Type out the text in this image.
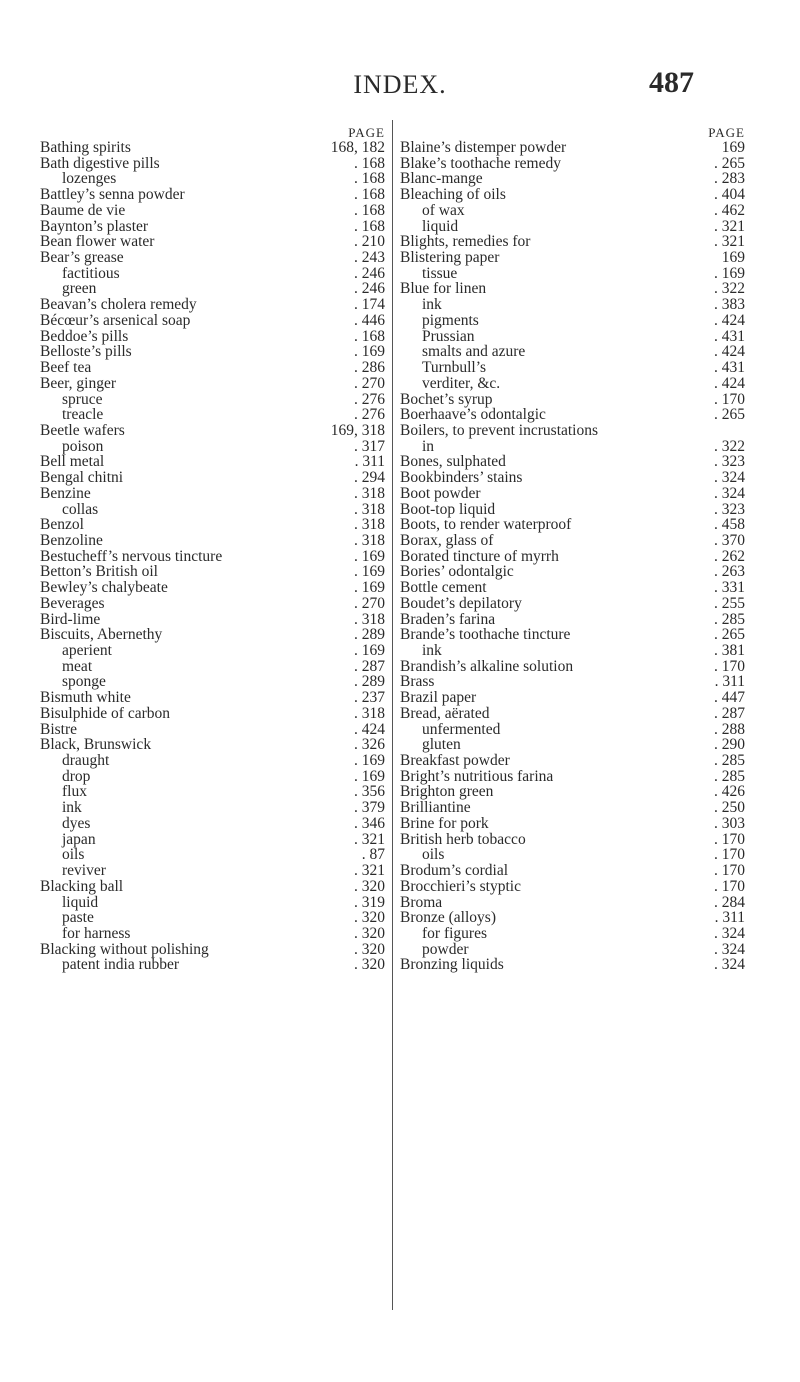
INDEX.	487
PAGE
Bathing spirits	168, 182
Bath digestive pills	. 168
lozenges	. 168
Battley’s senna powder	. 168
Baume de vie	. 168
Baynton’s plaster	. 168
Bean flower water	. 210
Bear’s grease	. 243
factitious	. 246
green	. 246
Beavan’s cholera remedy	. 174
Bécœur’s arsenical soap	. 446
Beddoe’s pills	. 168
Belloste’s pills	. 169
Beef tea	. 286
Beer, ginger	. 270
spruce	. 276
treacle	. 276
Beetle wafers	169, 318
poison	. 317
Bell metal	. 311
Bengal chitni	. 294
Benzine	. 318
collas	. 318
Benzol	. 318
Benzoline	. 318
Bestucheff’s nervous tincture	. 169
Betton’s British oil	. 169
Bewley’s chalybeate	. 169
Beverages	. 270
Bird-lime	. 318
Biscuits, Abernethy	. 289
aperient	. 169
meat	. 287
sponge	. 289
Bismuth white	. 237
Bisulphide of carbon	. 318
Bistre	. 424
Black, Brunswick	. 326
draught	. 169
drop	. 169
flux	. 356
ink	. 379
dyes	. 346
japan	. 321
oils	. 87
reviver	. 321
Blacking ball	. 320
liquid	. 319
paste	. 320
for harness	. 320
Blacking without polishing	. 320
patent india rubber	. 320
PAGE
Blaine’s distemper powder	169
Blake’s toothache remedy	. 265
Blanc-mange	. 283
Bleaching of oils	. 404
of wax	. 462
liquid	. 321
Blights, remedies for	. 321
Blistering paper	169
tissue	. 169
Blue for linen	. 322
ink	. 383
pigments	. 424
Prussian	. 431
smalts and azure	. 424
Turnbull’s	. 431
verditer, &c.	. 424
Bochet’s syrup	. 170
Boerhaave’s odontalgic	. 265
Boilers, to prevent incrustations
in	. 322
Bones, sulphated	. 323
Bookbinders’ stains	. 324
Boot powder	. 324
Boot-top liquid	. 323
Boots, to render waterproof	. 458
Borax, glass of	. 370
Borated tincture of myrrh	. 262
Bories’ odontalgic	. 263
Bottle cement	. 331
Boudet’s depilatory	. 255
Braden’s farina	. 285
Brande’s toothache tincture	. 265
ink	. 381
Brandish’s alkaline solution	. 170
Brass	. 311
Brazil paper	. 447
Bread, aërated	. 287
unfermented	. 288
gluten	. 290
Breakfast powder	. 285
Bright’s nutritious farina	. 285
Brighton green	. 426
Brilliantine	. 250
Brine for pork	. 303
British herb tobacco	. 170
oils	. 170
Brodum’s cordial	. 170
Brocchieri’s styptic	. 170
Broma	. 284
Bronze (alloys)	. 311
for figures	. 324
powder	. 324
Bronzing liquids	. 324
